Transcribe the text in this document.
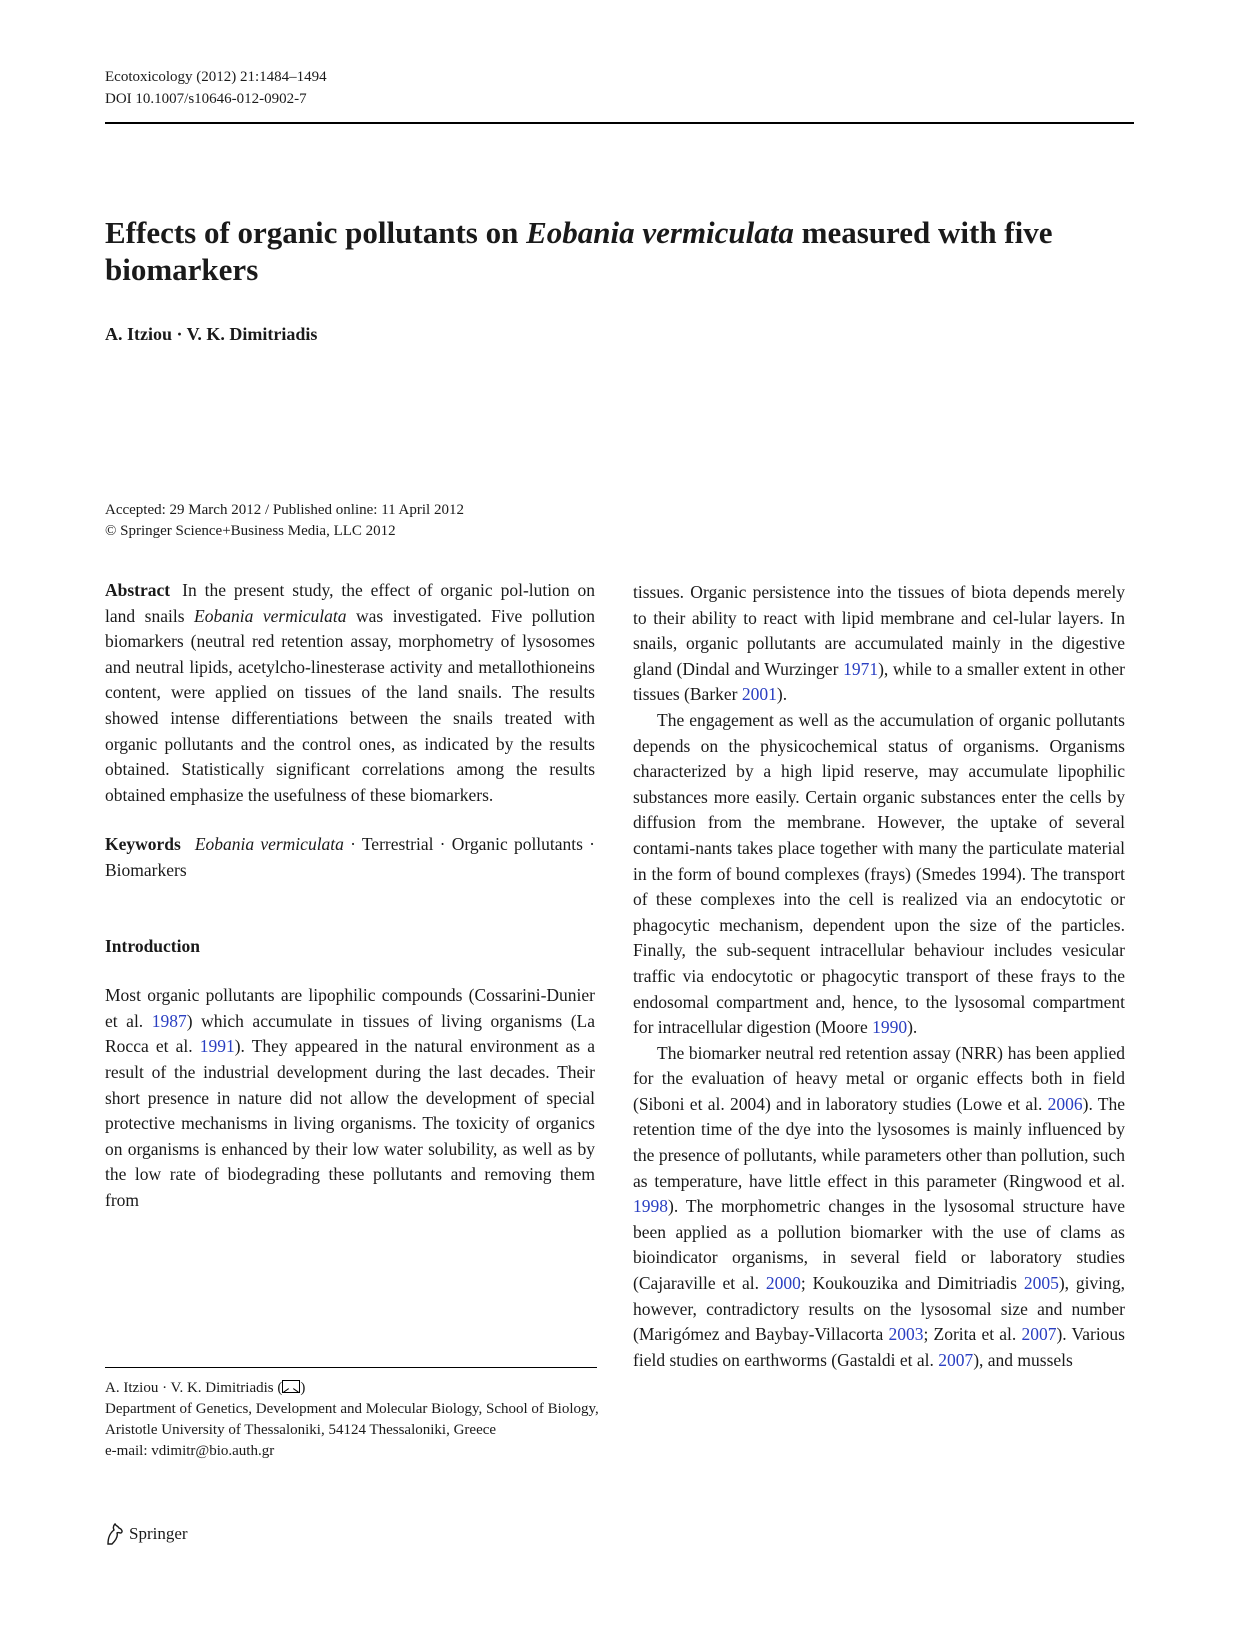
Ecotoxicology (2012) 21:1484–1494
DOI 10.1007/s10646-012-0902-7
Effects of organic pollutants on Eobania vermiculata measured with five biomarkers
A. Itziou · V. K. Dimitriadis
Accepted: 29 March 2012 / Published online: 11 April 2012
© Springer Science+Business Media, LLC 2012

Abstract In the present study, the effect of organic pol-lution on land snails Eobania vermiculata was investigated. Five pollution biomarkers (neutral red retention assay, morphometry of lysosomes and neutral lipids, acetylcho-linesterase activity and metallothioneins content, were applied on tissues of the land snails. The results showed intense differentiations between the snails treated with organic pollutants and the control ones, as indicated by the results obtained. Statistically significant correlations among the results obtained emphasize the usefulness of these biomarkers.

Keywords Eobania vermiculata · Terrestrial · Organic pollutants · Biomarkers

Introduction

Most organic pollutants are lipophilic compounds (Cossarini-Dunier et al. 1987) which accumulate in tissues of living organisms (La Rocca et al. 1991). They appeared in the natural environment as a result of the industrial development during the last decades. Their short presence in nature did not allow the development of special protective mechanisms in living organisms. The toxicity of organics on organisms is enhanced by their low water solubility, as well as by the low rate of biodegrading these pollutants and removing them from

tissues. Organic persistence into the tissues of biota depends merely to their ability to react with lipid membrane and cel-lular layers. In snails, organic pollutants are accumulated mainly in the digestive gland (Dindal and Wurzinger 1971), while to a smaller extent in other tissues (Barker 2001).

The engagement as well as the accumulation of organic pollutants depends on the physicochemical status of organisms. Organisms characterized by a high lipid reserve, may accumulate lipophilic substances more easily. Certain organic substances enter the cells by diffusion from the membrane. However, the uptake of several contami-nants takes place together with many the particulate material in the form of bound complexes (frays) (Smedes 1994). The transport of these complexes into the cell is realized via an endocytotic or phagocytic mechanism, dependent upon the size of the particles. Finally, the sub-sequent intracellular behaviour includes vesicular traffic via endocytotic or phagocytic transport of these frays to the endosomal compartment and, hence, to the lysosomal compartment for intracellular digestion (Moore 1990).

The biomarker neutral red retention assay (NRR) has been applied for the evaluation of heavy metal or organic effects both in field (Siboni et al. 2004) and in laboratory studies (Lowe et al. 2006). The retention time of the dye into the lysosomes is mainly influenced by the presence of pollutants, while parameters other than pollution, such as temperature, have little effect in this parameter (Ringwood et al. 1998). The morphometric changes in the lysosomal structure have been applied as a pollution biomarker with the use of clams as bioindicator organisms, in several field or laboratory studies (Cajaraville et al. 2000; Koukouzika and Dimitriadis 2005), giving, however, contradictory results on the lysosomal size and number (Marigómez and Baybay-Villacorta 2003; Zorita et al. 2007). Various field studies on earthworms (Gastaldi et al. 2007), and mussels

A. Itziou · V. K. Dimitriadis ( )

Department of Genetics, Development and Molecular Biology, School of Biology, Aristotle University of Thessaloniki, 54124 Thessaloniki, Greece

e-mail: vdimitr@bio.auth.gr

Springer
